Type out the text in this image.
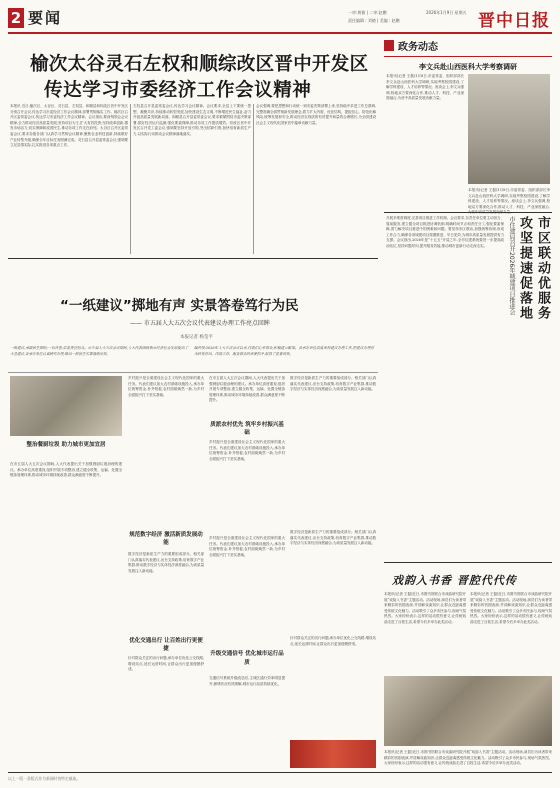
2 要闻	一审:黄雅 | 二审:赵鹏
责任编辑 : 刘晓 | 美编 : 赵鹏
2026年1月9日 星期五 晋中日报
榆次太谷灵石左权和顺综改区晋中开发区
传达学习市委经济工作会议精神
本报讯 近日,榆次区、太谷区、灵石县、左权县、和顺县和综改区晋中开发区分别召开会议,传达学习市委经济工作会议精神,部署贯彻落实工作。榆次区召开区委常委会议,传达学习市委经济工作会议精神。会议指出,要深刻领会会议精神,全力推动经济高质量发展;坚持项目为王,扩大有效投资;坚持改革创新,激发市场活力;切实保障和改善民生,推动各项工作走在前列。太谷区召开区委常委会议,要求各级各部门认真学习贯彻会议精神,聚焦农业科技创新,持续做好产业转型升级,确保全年目标任务圆满完成。灵石县召开县委常委会议,强调要立足县情实际,扎实推进各项重点工作。
左权县召开县委常委会议,传达学习会议精神。会议要求,全县上下要统一思想、凝聚共识,持续推动转型发展,加快建设生态文明,不断增进民生福祉,奋力开创高质量发展新局面。和顺县召开县委常委会议,要求紧紧围绕市委决策部署,抓好经济运行监测,强化要素保障,推动各项工作提质增效。综改区晋中开发区召开党工委会议,强调要坚持开放引领,突出招商引资,加快培育新质生产力,以实际行动推动会议精神落地落实。
会议强调,要把思想和行动统一到市委决策部署上来,坚持稳中求进工作总基调,完整准确全面贯彻新发展理念,着力扩大内需、优化结构、提振信心、防范化解风险,统筹发展和安全,推动经济实现质的有效提升和量的合理增长,为全面建设社会主义现代化国家晋中篇章贡献力量。
政务动态
李文兵赴山西医科大学考察调研
本报讯(记者 王磊)1月8日,市委常委、组织部部长李文兵赴山西医科大学调研,实地考察校园建设,了解学科建设、人才培养等情况。座谈会上,李文兵强调,校地双方要深化合作,推动人才、科技、产业深度融合,为晋中高质量发展贡献力量。
本报讯(记者 王磊)1月8日,市委常委、组织部部长李文兵赴山西医科大学调研,实地考察校园建设,了解学科建设、人才培养等情况。座谈会上,李文兵强调,校地双方要深化合作,推动人才、科技、产业深度融合,
开展多维度调度,完善项目推进工作机制。会议要求,各责任单位要主动担当、靠前服务,建立健全项目推进协调机制,明确时间节点和责任分工,强化要素保障,着力解决项目推进中的困难和问题。要坚持市区联动,加强统筹协调,形成工作合力,确保各项城建项目按期推进、早日见效,为城市高质量发展提供有力支撑。会议指出,2026年是“十五五”开局之年,全市住建系统要进一步提高政治站位,坚持问题导向,提升服务效能,推动城市更新行动走深走实。	市住建局召开2026年城建项目推进会 攻坚提速促落地 市区联动优服务
“一纸建议”掷地有声 实景答卷笃行为民
—— 市五届人大五次会议代表建议办理工作亮点回眸
本报记者 杨莹平
一纸建议,承载民生期盼;一份答卷,彰显责任担当。市五届人大五次会议期间,人大代表围绕我市经济社会发展提出了大量建议,各承办单位认真研究办理,推动一批民生实事落地见效。
编者按:2026年人大五次会议以来,代表们心系群众,积极建言献策。各承办单位高度重视建议办理工作,把建议办理作为转变作风、改进工作、服务群众的重要抓手,取得了显著成效。
整治餐厨垃圾 助力城市更加宜居
在市五届人大五次会议期间,人大代表提出关于加强餐厨垃圾治理的建议。承办单位高度重视,组织开展专项整治,建立健全收集、运输、处置全链条管理体系,推动城市环境持续改善,群众满意度不断提升。
乡村振兴是全面建设社会主义现代化国家的重大任务。代表们建议加大农村基础设施投入,承办单位统筹资金,补齐短板,农村面貌焕然一新,为乡村全面振兴打下坚实基础。
在市五届人大五次会议期间,人大代表提出关于加强餐厨垃圾治理的建议。承办单位高度重视,组织开展专项整治,建立健全收集、运输、处置全链条管理体系,推动城市环境持续改善,群众满意度不断提升。
质派农村优先 筑牢乡村振兴基础
乡村振兴是全面建设社会主义现代化国家的重大任务。代表们建议加大农村基础设施投入,承办单位统筹资金,补齐短板,农村面貌焕然一新,为乡村全面振兴打下坚实基础。
数字经济是新质生产力的重要组成部分。相关部门认真落实代表建议,出台支持政策,培育数字产业集群,推动数字经济与实体经济深度融合,为高质量发展注入新动能。
规范数字经济 激活新质发展动能
数字经济是新质生产力的重要组成部分。相关部门认真落实代表建议,出台支持政策,培育数字产业集群,推动数字经济与实体经济深度融合,为高质量发展注入新动能。
乡村振兴是全面建设社会主义现代化国家的重大任务。代表们建议加大农村基础设施投入,承办单位统筹资金,补齐短板,农村面貌焕然一新,为乡村全面振兴打下坚实基础。
数字经济是新质生产力的重要组成部分。相关部门认真落实代表建议,出台支持政策,培育数字产业集群,推动数字经济与实体经济深度融合,为高质量发展注入新动能。
优化交通出行 让百姓出行更便捷
针对群众关注的出行问题,承办单位优化公交线路,增设站点,延长运营时间,让群众出行更加便捷舒适。
升级交通信号 优化城市运行品质
交通信号系统升级改造后,主城区通行效率明显提升,拥堵状况有效缓解,城市运行品质持续优化。
针对群众关注的出行问题,承办单位优化公交线路,增设站点,延长运营时间,让群众出行更加便捷舒适。
戏韵入书香 晋腔代代传
本报讯(记者 王磊)近日,市图书馆联合市戏曲研究院开展“戏韵入书香”主题活动。活动现场,演员们为读者带来精彩的晋剧表演,并讲解戏曲知识,让群众近距离感受传统文化魅力。活动吸引了众多市民参与,现场气氛热烈。大家纷纷表示,这样的活动很有意义,让传统戏曲走进了百姓生活,希望今后多举办此类活动。
本报讯(记者 王磊)近日,市图书馆联合市戏曲研究院开展“戏韵入书香”主题活动。活动现场,演员们为读者带来精彩的晋剧表演,并讲解戏曲知识,让群众近距离感受传统文化魅力。活动吸引了众多市民参与,现场气氛热烈。大家纷纷表示,这样的活动很有意义,让传统戏曲走进了百姓生活,希望今后多举办此类活动。
本报讯(记者 王磊)近日,市图书馆联合市戏曲研究院开展“戏韵入书香”主题活动。活动现场,演员们为读者带来精彩的晋剧表演,并讲解戏曲知识,让群众近距离感受传统文化魅力。活动吸引了众多市民参与,现场气氛热烈。大家纷纷表示,这样的活动很有意义,让传统戏曲走进了百姓生活,希望今后多举办此类活动。
以上一版一条版式作为新闻时效特定截取。
